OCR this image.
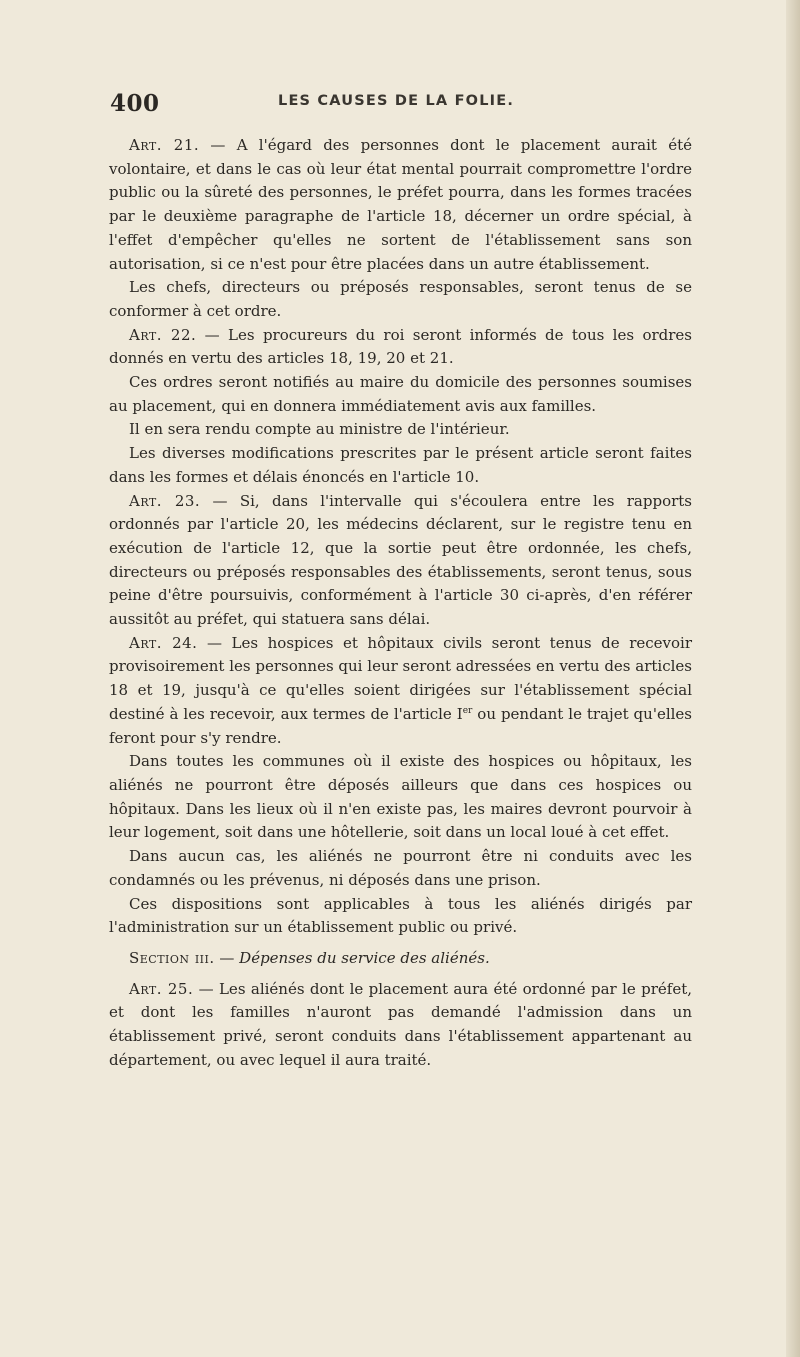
400	LES CAUSES DE LA FOLIE.

Art. 21. — A l'égard des personnes dont le placement aurait été volontaire, et dans le cas où leur état mental pourrait compromettre l'ordre public ou la sûreté des personnes, le préfet pourra, dans les formes tracées par le deuxième paragraphe de l'article 18, décerner un ordre spécial, à l'effet d'empêcher qu'elles ne sortent de l'établissement sans son autorisation, si ce n'est pour être placées dans un autre établissement.

Les chefs, directeurs ou préposés responsables, seront tenus de se conformer à cet ordre.

Art. 22. — Les procureurs du roi seront informés de tous les ordres donnés en vertu des articles 18, 19, 20 et 21.

Ces ordres seront notifiés au maire du domicile des personnes soumises au placement, qui en donnera immédiatement avis aux familles.

Il en sera rendu compte au ministre de l'intérieur.

Les diverses modifications prescrites par le présent article seront faites dans les formes et délais énoncés en l'article 10.

Art. 23. — Si, dans l'intervalle qui s'écoulera entre les rapports ordonnés par l'article 20, les médecins déclarent, sur le registre tenu en exécution de l'article 12, que la sortie peut être ordonnée, les chefs, directeurs ou préposés responsables des établissements, seront tenus, sous peine d'être poursuivis, conformément à l'article 30 ci-après, d'en référer aussitôt au préfet, qui statuera sans délai.

Art. 24. — Les hospices et hôpitaux civils seront tenus de recevoir provisoirement les personnes qui leur seront adressées en vertu des articles 18 et 19, jusqu'à ce qu'elles soient dirigées sur l'établissement spécial destiné à les recevoir, aux termes de l'article Ier ou pendant le trajet qu'elles feront pour s'y rendre.

Dans toutes les communes où il existe des hospices ou hôpitaux, les aliénés ne pourront être déposés ailleurs que dans ces hospices ou hôpitaux. Dans les lieux où il n'en existe pas, les maires devront pourvoir à leur logement, soit dans une hôtellerie, soit dans un local loué à cet effet.

Dans aucun cas, les aliénés ne pourront être ni conduits avec les condamnés ou les prévenus, ni déposés dans une prison.

Ces dispositions sont applicables à tous les aliénés dirigés par l'administration sur un établissement public ou privé.

Section iii. — Dépenses du service des aliénés.

Art. 25. — Les aliénés dont le placement aura été ordonné par le préfet, et dont les familles n'auront pas demandé l'admission dans un établissement privé, seront conduits dans l'établissement appartenant au département, ou avec lequel il aura traité.
